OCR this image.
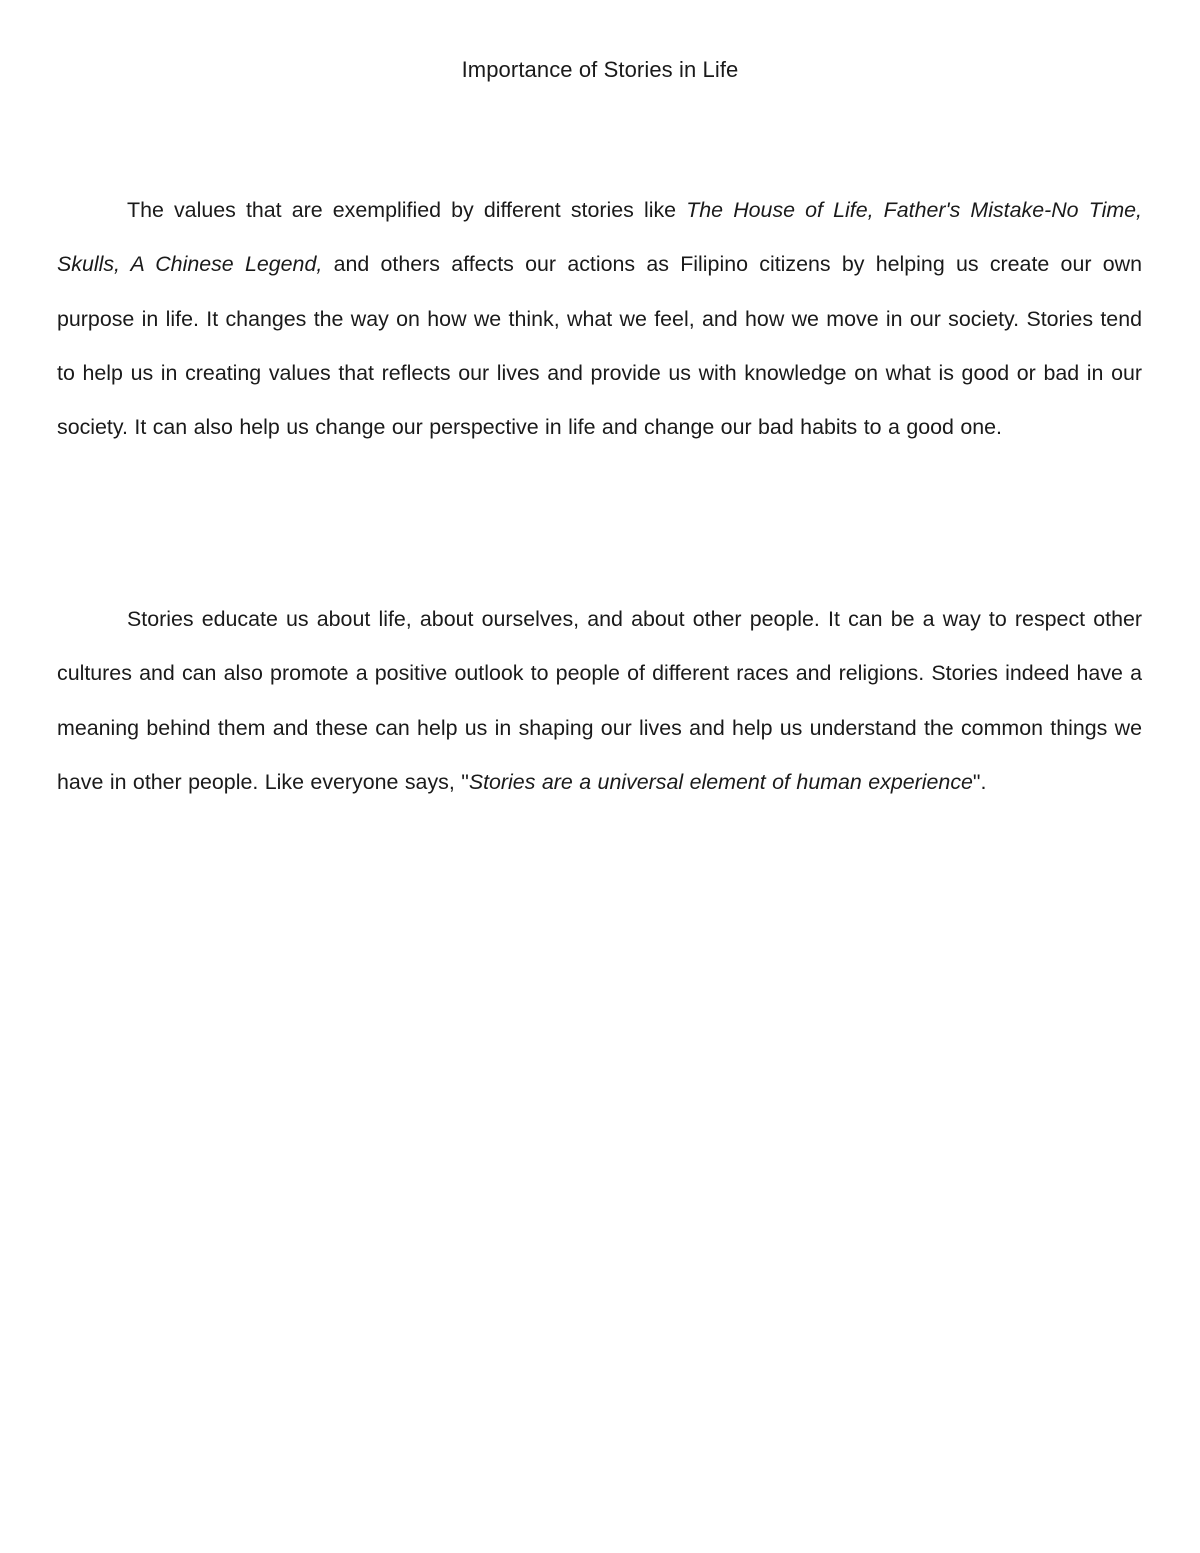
Importance of Stories in Life

The values that are exemplified by different stories like The House of Life, Father's Mistake-No Time, Skulls, A Chinese Legend, and others affects our actions as Filipino citizens by helping us create our own purpose in life. It changes the way on how we think, what we feel, and how we move in our society. Stories tend to help us in creating values that reflects our lives and provide us with knowledge on what is good or bad in our society. It can also help us change our perspective in life and change our bad habits to a good one.

Stories educate us about life, about ourselves, and about other people. It can be a way to respect other cultures and can also promote a positive outlook to people of different races and religions. Stories indeed have a meaning behind them and these can help us in shaping our lives and help us understand the common things we have in other people. Like everyone says, "Stories are a universal element of human experience".
